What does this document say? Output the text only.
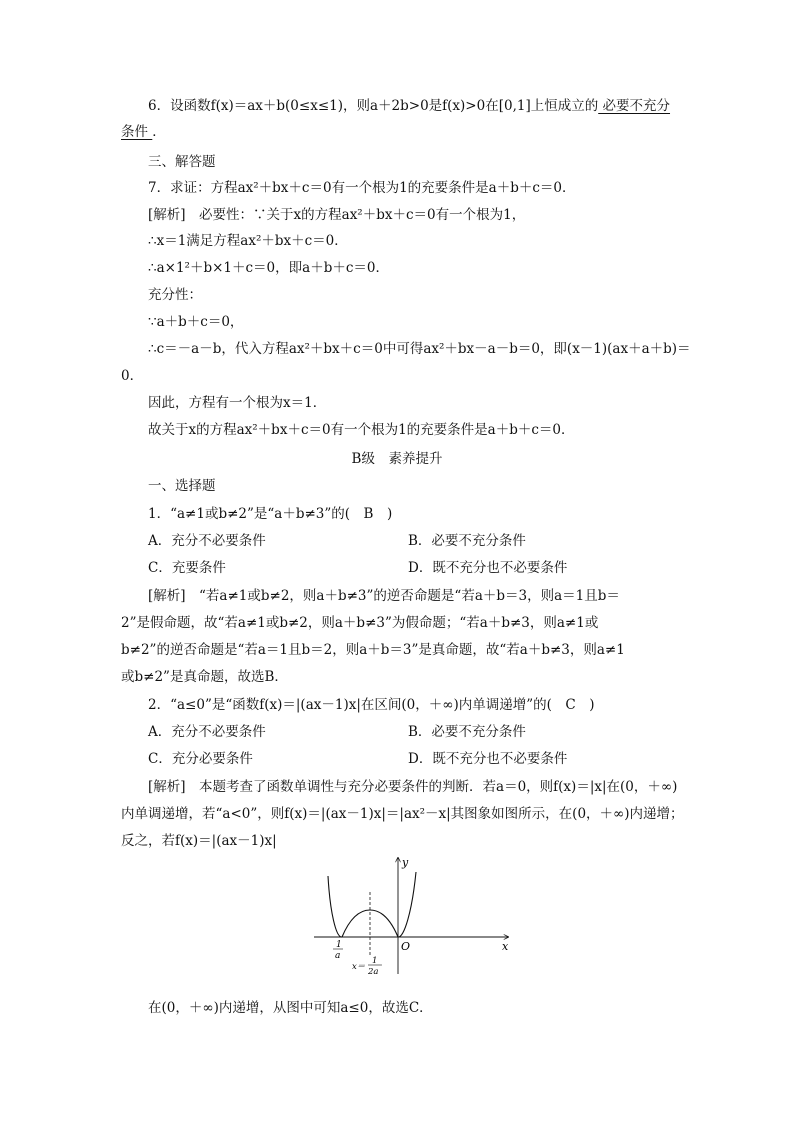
6．设函数f(x)＝ax＋b(0≤x≤1)，则a＋2b>0是f(x)>0在[0,1]上恒成立的 必要不充分
条件 ．
三、解答题
7．求证：方程ax²＋bx＋c＝0有一个根为1的充要条件是a＋b＋c＝0．
[解析]　必要性：∵关于x的方程ax²＋bx＋c＝0有一个根为1，
∴x＝1满足方程ax²＋bx＋c＝0．
∴a×1²＋b×1＋c＝0，即a＋b＋c＝0．
充分性：
∵a＋b＋c＝0，
∴c＝－a－b，代入方程ax²＋bx＋c＝0中可得ax²＋bx－a－b＝0，即(x－1)(ax＋a＋b)＝
0．
因此，方程有一个根为x＝1．
故关于x的方程ax²＋bx＋c＝0有一个根为1的充要条件是a＋b＋c＝0．
B级　素养提升
一、选择题
1．“a≠1或b≠2”是“a＋b≠3”的(　B　)
A．充分不必要条件	B．必要不充分条件
C．充要条件	D．既不充分也不必要条件
[解析]　“若a≠1或b≠2，则a＋b≠3”的逆否命题是“若a＋b＝3，则a＝1且b＝
2”是假命题，故“若a≠1或b≠2，则a＋b≠3”为假命题；“若a＋b≠3，则a≠1或
b≠2”的逆否命题是“若a＝1且b＝2，则a＋b＝3”是真命题，故“若a＋b≠3，则a≠1
或b≠2”是真命题，故选B．
2．“a≤0”是“函数f(x)＝|(ax－1)x|在区间(0，＋∞)内单调递增”的(　C　)
A．充分不必要条件	B．必要不充分条件
C．充分必要条件	D．既不充分也不必要条件
[解析]　本题考查了函数单调性与充分必要条件的判断．若a＝0，则f(x)＝|x|在(0，＋∞)
内单调递增，若“a<0”，则f(x)＝|(ax－1)x|＝|ax²－x|其图象如图所示，在(0，＋∞)内递增；
反之，若f(x)＝|(ax－1)x|
y
x
O
1
a
x＝
1
2a
在(0，＋∞)内递增，从图中可知a≤0，故选C．
